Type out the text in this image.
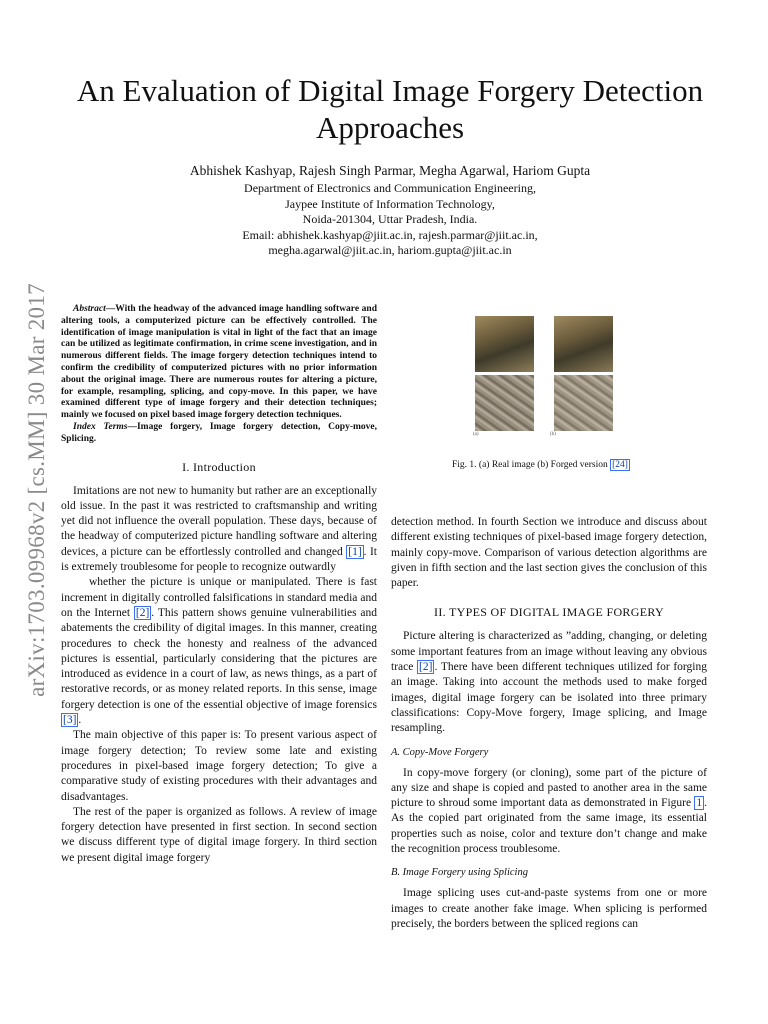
arXiv:1703.09968v2 [cs.MM] 30 Mar 2017
An Evaluation of Digital Image Forgery Detection
Approaches
Abhishek Kashyap, Rajesh Singh Parmar, Megha Agarwal, Hariom Gupta
Department of Electronics and Communication Engineering,
Jaypee Institute of Information Technology,
Noida-201304, Uttar Pradesh, India.
Email: abhishek.kashyap@jiit.ac.in, rajesh.parmar@jiit.ac.in,
megha.agarwal@jiit.ac.in, hariom.gupta@jiit.ac.in

Abstract—With the headway of the advanced image handling software and altering tools, a computerized picture can be effectively controlled. The identification of image manipulation is vital in light of the fact that an image can be utilized as legitimate confirmation, in crime scene investigation, and in numerous different fields. The image forgery detection techniques intend to confirm the credibility of computerized pictures with no prior information about the original image. There are numerous routes for altering a picture, for example, resampling, splicing, and copy-move. In this paper, we have examined different type of image forgery and their detection techniques; mainly we focused on pixel based image forgery detection techniques.

Index Terms—Image forgery, Image forgery detection, Copy-move, Splicing.

I. Introduction

Imitations are not new to humanity but rather are an exceptionally old issue. In the past it was restricted to craftsmanship and writing yet did not influence the overall population. These days, because of the headway of computerized picture handling software and altering devices, a picture can be effortlessly controlled and changed [1] . It is extremely troublesome for people to recognize outwardly

whether the picture is unique or manipulated. There is fast increment in digitally controlled falsifications in standard media and on the Internet [2] . This pattern shows genuine vulnerabilities and abatements the credibility of digital images. In this manner, creating procedures to check the honesty and realness of the advanced pictures is essential, particularly considering that the pictures are introduced as evidence in a court of law, as news things, as a part of restorative records, or as money related reports. In this sense, image forgery detection is one of the essential objective of image forensics [3] .

The main objective of this paper is: To present various aspect of image forgery detection; To review some late and existing procedures in pixel-based image forgery detection; To give a comparative study of existing procedures with their advantages and disadvantages.

The rest of the paper is organized as follows. A review of image forgery detection have presented in first section. In second section we discuss different type of digital image forgery. In third section we present digital image forgery

(a)	(b)
Fig. 1. (a) Real image (b) Forged version [24]

detection method. In fourth Section we introduce and discuss about different existing techniques of pixel-based image forgery detection, mainly copy-move. Comparison of various detection algorithms are given in fifth section and the last section gives the conclusion of this paper.

II. TYPES OF DIGITAL IMAGE FORGERY

Picture altering is characterized as ”adding, changing, or deleting some important features from an image without leaving any obvious trace [2] . There have been different techniques utilized for forging an image. Taking into account the methods used to make forged images, digital image forgery can be isolated into three primary classifications: Copy-Move forgery, Image splicing, and Image resampling.

A. Copy-Move Forgery

In copy-move forgery (or cloning), some part of the picture of any size and shape is copied and pasted to another area in the same picture to shroud some important data as demonstrated in Figure 1 . As the copied part originated from the same image, its essential properties such as noise, color and texture don’t change and make the recognition process troublesome.

B. Image Forgery using Splicing

Image splicing uses cut-and-paste systems from one or more images to create another fake image. When splicing is performed precisely, the borders between the spliced regions can
